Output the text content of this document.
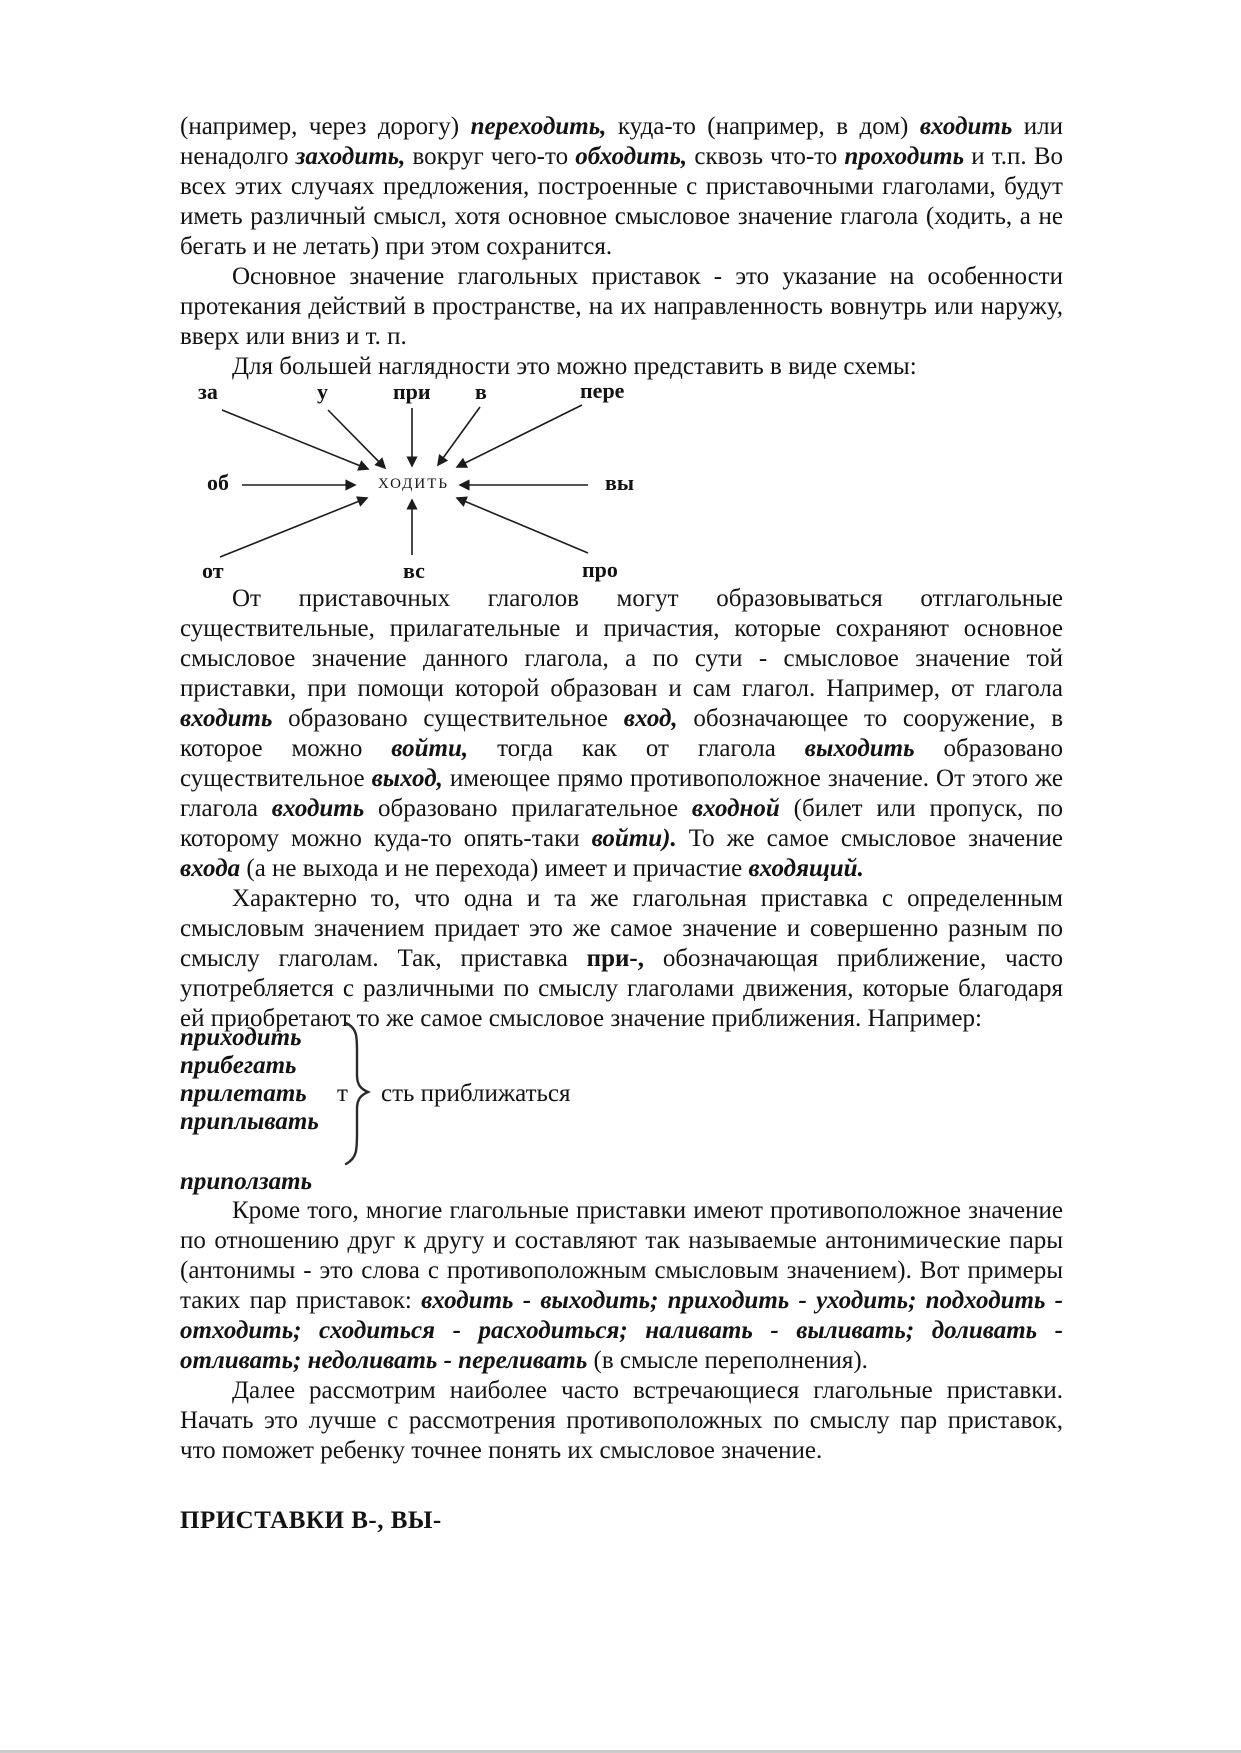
(например, через дорогу) переходить, куда-то (например, в дом) входить или ненадолго заходить, вокруг чего-то обходить, сквозь что-то проходить и т.п. Во всех этих случаях предложения, построенные с приставочными глаголами, будут иметь различный смысл, хотя основное смысловое значение глагола (ходить, а не бегать и не летать) при этом сохранится.

Основное значение глагольных приставок - это указание на особенности протекания действий в пространстве, на их направленность вовнутрь или наружу, вверх или вниз и т. п.

Для большей наглядности это можно представить в виде схемы:

за	у	при в	пере
об	вы
от	вс	про
ходить

От приставочных глаголов могут образовываться отглагольные существительные, прилагательные и причастия, которые сохраняют основное смысловое значение данного глагола, а по сути - смысловое значение той приставки, при помощи которой образован и сам глагол. Например, от глагола входить образовано существительное вход, обозначающее то сооружение, в которое можно войти, тогда как от глагола выходить образовано существительное выход, имеющее прямо противоположное значение. От этого же глагола входить образовано прилагательное входной (билет или пропуск, по которому можно куда-то опять-таки войти). То же самое смысловое значение входа (а не выхода и не перехода) имеет и причастие входящий.

Характерно то, что одна и та же глагольная приставка с определенным смысловым значением придает это же самое значение и совершенно разным по смыслу глаголам. Так, приставка при-, обозначающая приближение, часто употребляется с различными по смыслу глаголами движения, которые благодаря ей приобретают то же самое смысловое значение приближения. Например:

т сть приближаться
приходить
прибегать
прилетать
приплывать
приползать

Кроме того, многие глагольные приставки имеют противоположное значение по отношению друг к другу и составляют так называемые антонимические пары (антонимы - это слова с противоположным смысловым значением). Вот примеры таких пар приставок: входить - выходить; приходить - уходить; подходить - отходить; сходиться - расходиться; наливать - выливать; доливать - отливать; недоливать - переливать (в смысле переполнения).

Далее рассмотрим наиболее часто встречающиеся глагольные приставки. Начать это лучше с рассмотрения противоположных по смыслу пар приставок, что поможет ребенку точнее понять их смысловое значение.

ПРИСТАВКИ В-, ВЫ-
